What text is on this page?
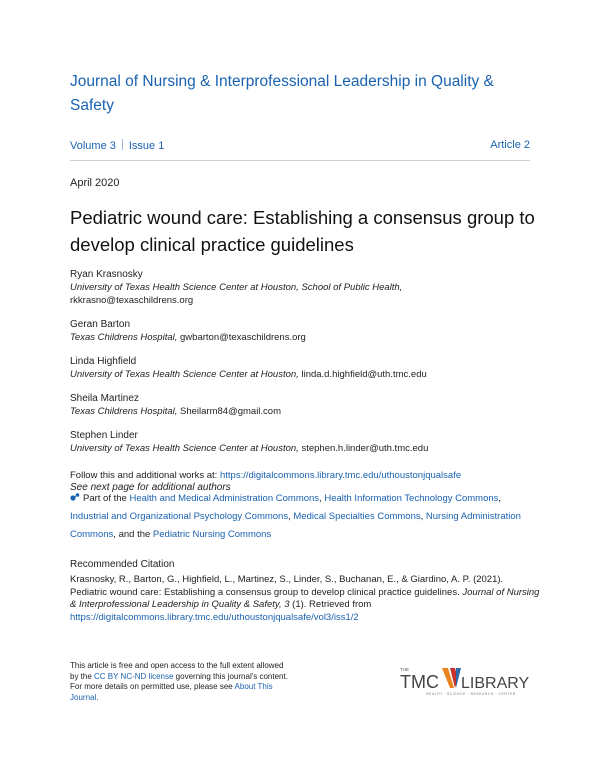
Journal of Nursing & Interprofessional Leadership in Quality & Safety
Volume 3 Issue 1	Article 2
April 2020
Pediatric wound care: Establishing a consensus group to develop clinical practice guidelines
Ryan Krasnosky
University of Texas Health Science Center at Houston, School of Public Health,
rkkrasno@texaschildrens.org
Geran Barton
Texas Childrens Hospital, gwbarton@texaschildrens.org
Linda Highfield
University of Texas Health Science Center at Houston, linda.d.highfield@uth.tmc.edu
Sheila Martinez
Texas Childrens Hospital, Sheilarm84@gmail.com
Stephen Linder
University of Texas Health Science Center at Houston, stephen.h.linder@uth.tmc.edu
Follow this and additional works at: https://digitalcommons.library.tmc.edu/uthoustonjqualsafe
See next page for additional authors
Part of the Health and Medical Administration Commons, Health Information Technology Commons, Industrial and Organizational Psychology Commons, Medical Specialties Commons, Nursing Administration Commons, and the Pediatric Nursing Commons
Recommended Citation
Krasnosky, R., Barton, G., Highfield, L., Martinez, S., Linder, S., Buchanan, E., & Giardino, A. P. (2021).
Pediatric wound care: Establishing a consensus group to develop clinical practice guidelines. Journal of Nursing & Interprofessional Leadership in Quality & Safety, 3 (1). Retrieved from
https://digitalcommons.library.tmc.edu/uthoustonjqualsafe/vol3/iss1/2
This article is free and open access to the full extent allowed by the CC BY NC-ND license governing this journal's content. For more details on permitted use, please see About This Journal.
THE
TMC LIBRARY
HEALTH · SCIENCE · RESEARCH · CENTER
